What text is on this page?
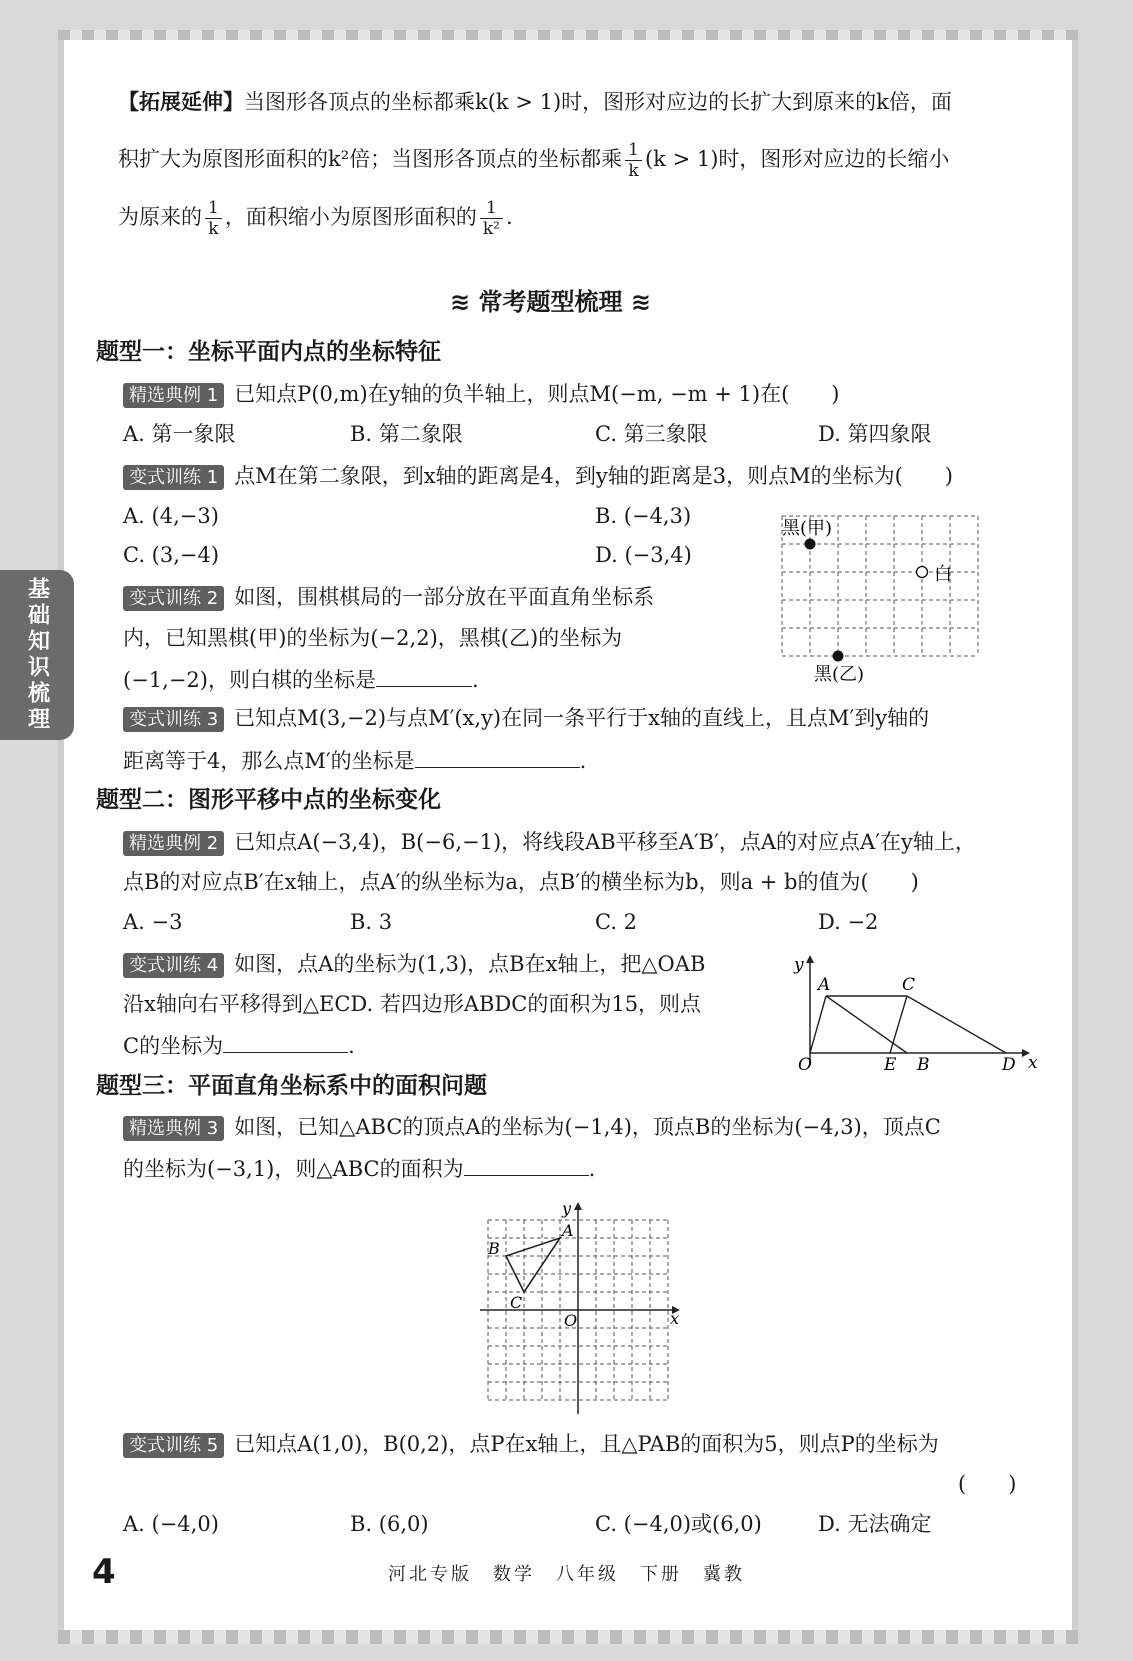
基础知识梳理
【拓展延伸】当图形各顶点的坐标都乘k(k > 1)时，图形对应边的长扩大到原来的k倍，面
积扩大为原图形面积的k²倍；当图形各顶点的坐标都乘 $\frac{1}{k} (k > 1)$时，图形对应边的长缩小
为原来的 $\frac{1}{k}$ ，面积缩小为原图形面积的 $\frac{1}{\text{k²}}$ .
≋ 常考题型梳理 ≋
题型一：坐标平面内点的坐标特征
精选典例 1 已知点P(0,m)在y轴的负半轴上，则点M(−m, −m + 1)在(　　)
A. 第一象限	B. 第二象限	C. 第三象限	D. 第四象限
变式训练 1 点M在第二象限，到x轴的距离是4，到y轴的距离是3，则点M的坐标为(　　)
A. (4,−3)	B. (−4,3)
C. (3,−4)	D. (−3,4)
变式训练 2 如图，围棋棋局的一部分放在平面直角坐标系
内，已知黑棋(甲)的坐标为(−2,2)，黑棋(乙)的坐标为
(−1,−2)，则白棋的坐标是	.
黑(甲)
白
黑(乙)
变式训练 3 已知点M(3,−2)与点M′(x,y)在同一条平行于x轴的直线上，且点M′到y轴的
距离等于4，那么点M′的坐标是	.
题型二：图形平移中点的坐标变化
精选典例 2 已知点A(−3,4)，B(−6,−1)，将线段AB平移至A′B′，点A的对应点A′在y轴上，
点B的对应点B′在x轴上，点A′的纵坐标为a，点B′的横坐标为b，则a + b的值为(　　)
A. −3	B. 3	C. 2	D. −2
变式训练 4 如图，点A的坐标为(1,3)，点B在x轴上，把△OAB
沿x轴向右平移得到△ECD. 若四边形ABDC的面积为15，则点
C的坐标为	.
y
x
A	C
O	E B	D
题型三：平面直角坐标系中的面积问题
精选典例 3 如图，已知△ABC的顶点A的坐标为(−1,4)，顶点B的坐标为(−4,3)，顶点C
的坐标为(−3,1)，则△ABC的面积为	.
y
x
A
B
C
O
变式训练 5 已知点A(1,0)，B(0,2)，点P在x轴上，且△PAB的面积为5，则点P的坐标为
(　　)
A. (−4,0)	B. (6,0)	C. (−4,0)或(6,0)	D. 无法确定
4	河北专版　数学　八年级　下册　冀教
